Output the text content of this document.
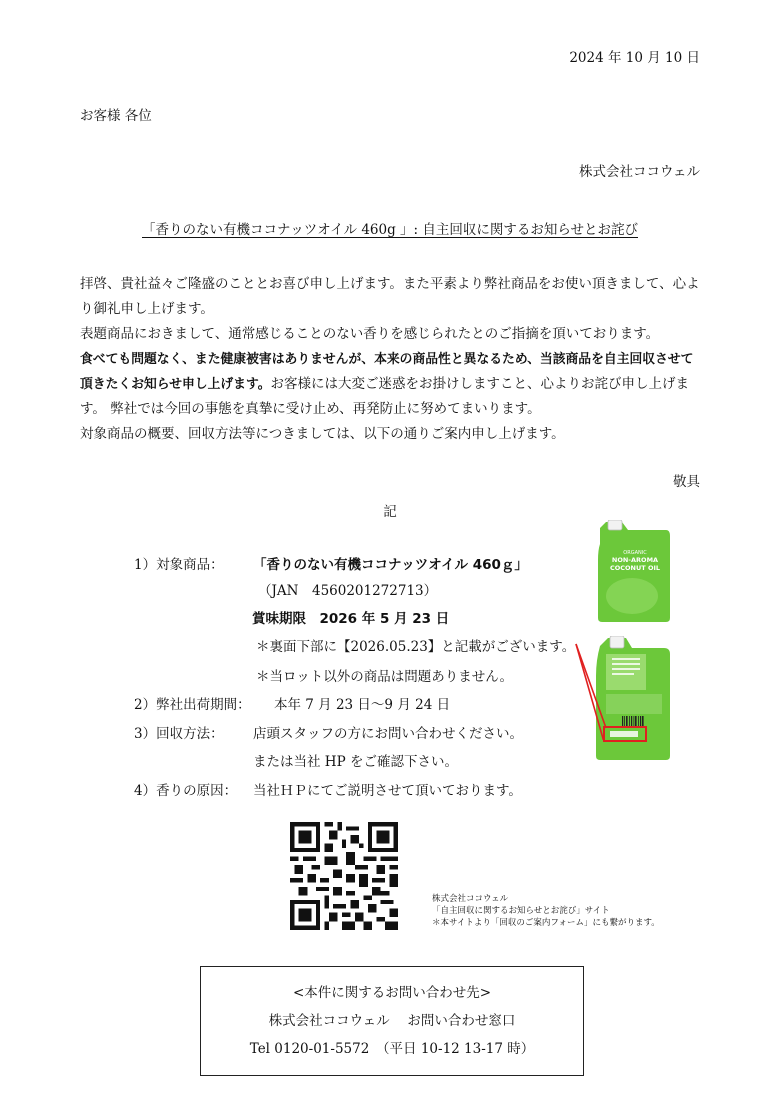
2024 年 10 月 10 日
お客様 各位
株式会社ココウェル
「香りのない有機ココナッツオイル 460g 」: 自主回収に関するお知らせとお詫び

拝啓、貴社益々ご隆盛のこととお喜び申し上げます。また平素より弊社商品をお使い頂きまして、心より御礼申し上げます。

表題商品におきまして、通常感じることのない香りを感じられたとのご指摘を頂いております。

食べても問題なく、また健康被害はありませんが、本来の商品性と異なるため、当該商品を自主回収させて頂きたくお知らせ申し上げます。お客様には大変ご迷惑をお掛けしますこと、心よりお詫び申し上げます。 弊社では今回の事態を真摯に受け止め、再発防止に努めてまいります。

対象商品の概要、回収方法等につきましては、以下の通りご案内申し上げます。

敬具
記
1）対象商品： 「香りのない有機ココナッツオイル 460ｇ」
（JAN　4560201272713）
賞味期限　2026 年 5 月 23 日
＊裏面下部に【2026.05.23】と記載がございます。
＊当ロット以外の商品は問題ありません。
2）弊社出荷期間： 本年 7 月 23 日～9 月 24 日
3）回収方法： 店頭スタッフの方にお問い合わせください。
または当社 HP をご確認下さい。
4）香りの原因： 当社ＨＰにてご説明させて頂いております。
ORGANIC
NON-AROMA
COCONUT OIL
株式会社ココウェル
「自主回収に関するお知らせとお詫び」サイト
＊本サイトより「回収のご案内フォーム」にも繋がります。
<本件に関するお問い合わせ先>
株式会社ココウェル　 お問い合わせ窓口
Tel 0120-01-5572　（平日 10-12 13-17 時）
